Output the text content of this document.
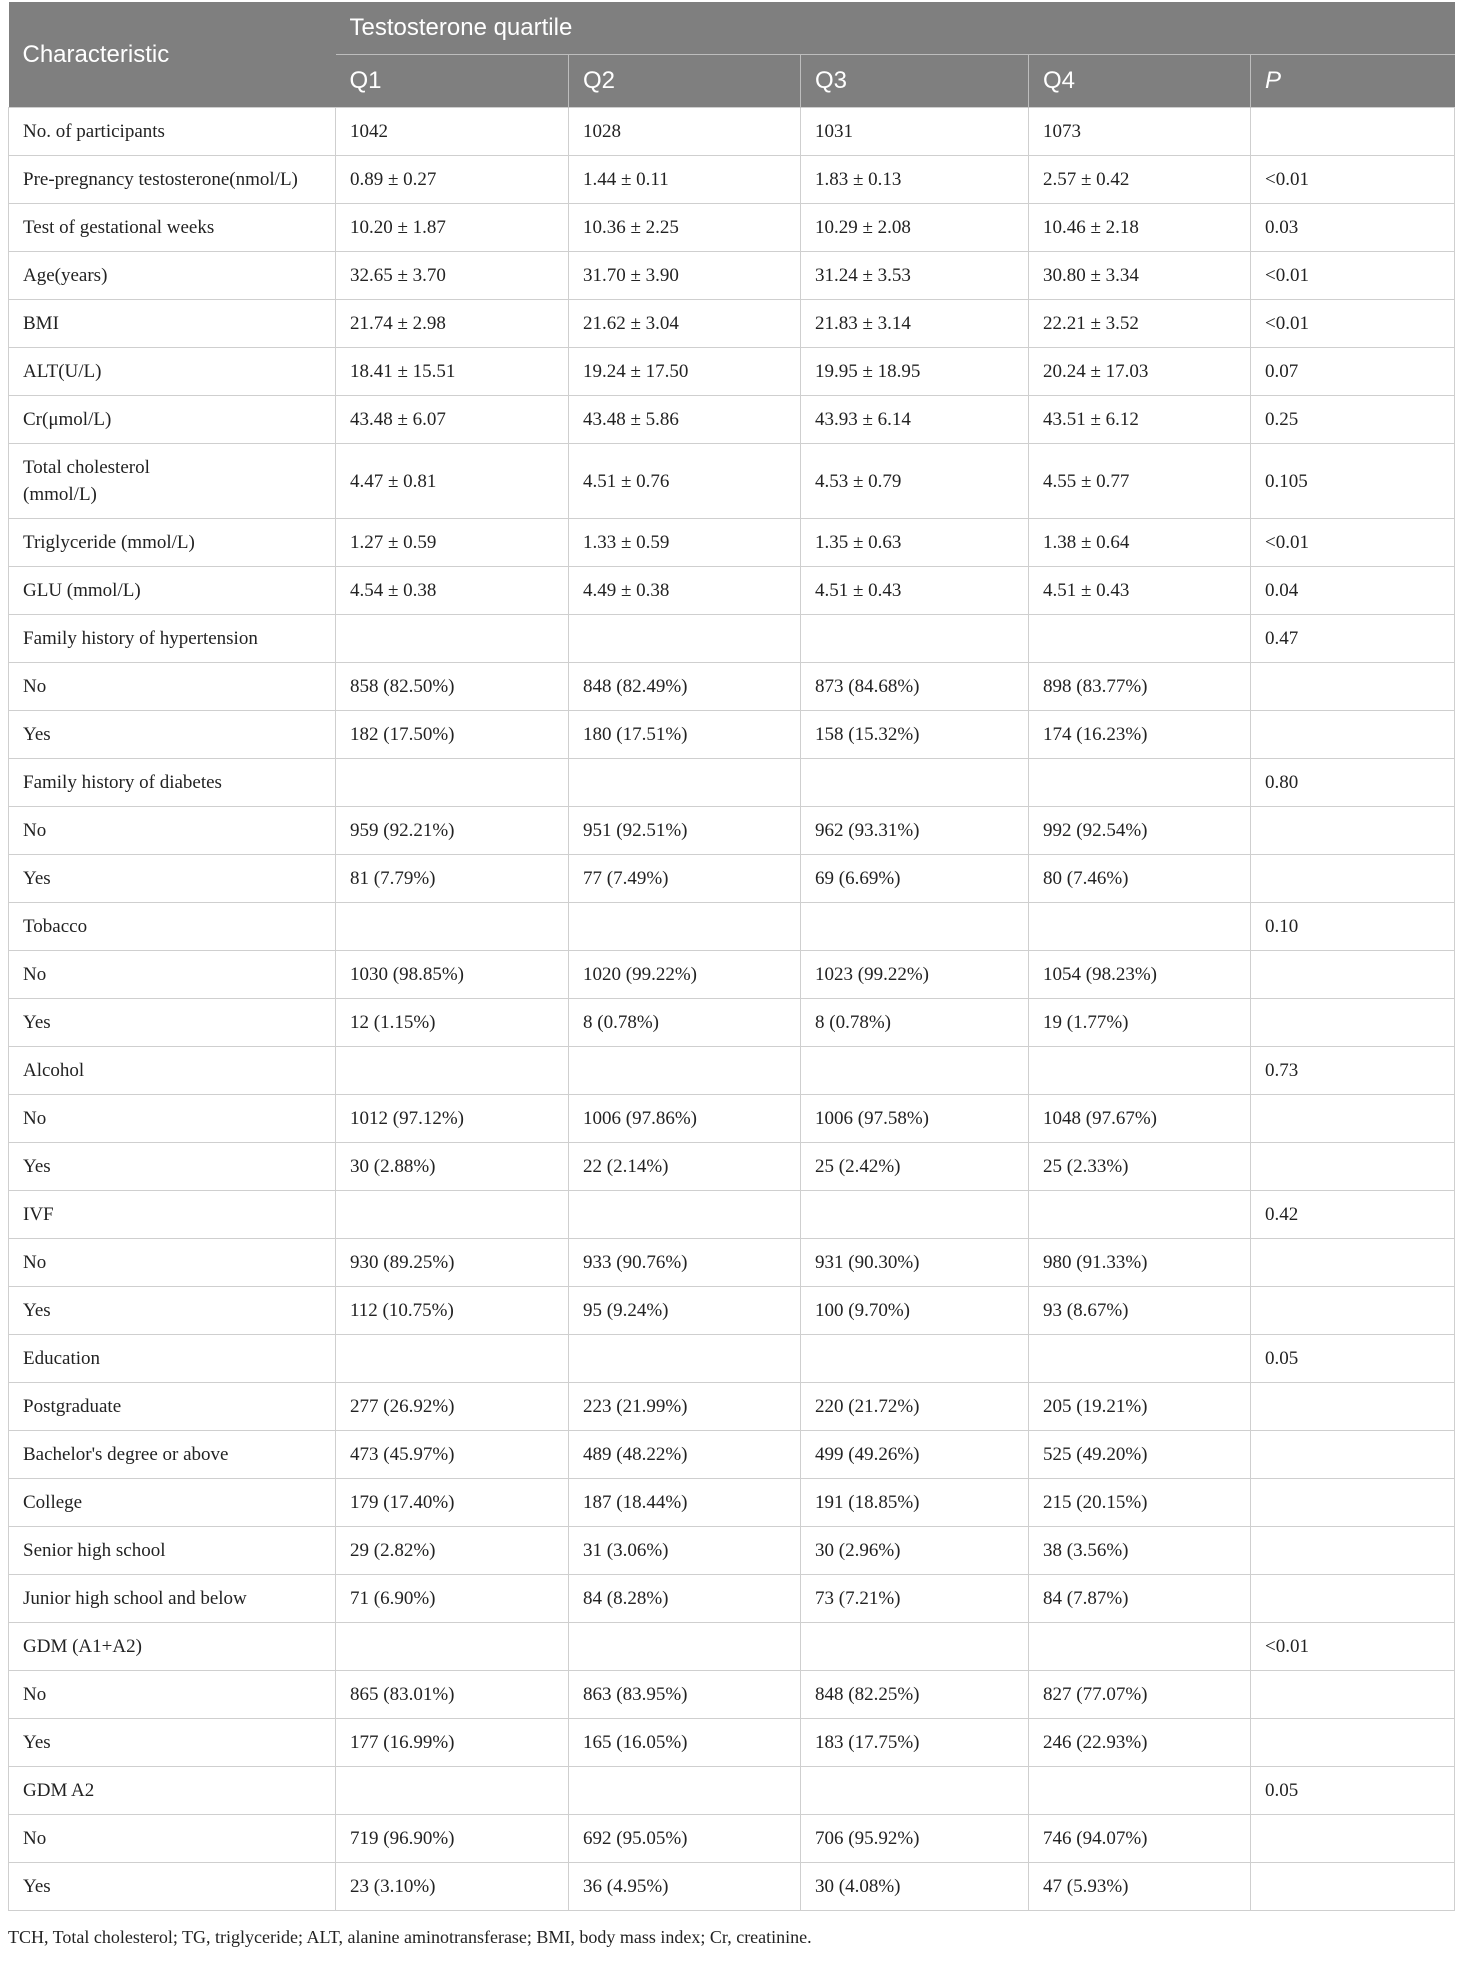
Characteristic	Testosterone quartile				
	Q1	Q2	Q3	Q4	P
No. of participants	1042	1028	1031	1073	
Pre-pregnancy testosterone(nmol/L)	0.89 ± 0.27	1.44 ± 0.11	1.83 ± 0.13	2.57 ± 0.42	<0.01
Test of gestational weeks	10.20 ± 1.87	10.36 ± 2.25	10.29 ± 2.08	10.46 ± 2.18	0.03
Age(years)	32.65 ± 3.70	31.70 ± 3.90	31.24 ± 3.53	30.80 ± 3.34	<0.01
BMI	21.74 ± 2.98	21.62 ± 3.04	21.83 ± 3.14	22.21 ± 3.52	<0.01
ALT(U/L)	18.41 ± 15.51	19.24 ± 17.50	19.95 ± 18.95	20.24 ± 17.03	0.07
Cr(μmol/L)	43.48 ± 6.07	43.48 ± 5.86	43.93 ± 6.14	43.51 ± 6.12	0.25
Total cholesterol
(mmol/L)	4.47 ± 0.81	4.51 ± 0.76	4.53 ± 0.79	4.55 ± 0.77	0.105
Triglyceride (mmol/L)	1.27 ± 0.59	1.33 ± 0.59	1.35 ± 0.63	1.38 ± 0.64	<0.01
GLU (mmol/L)	4.54 ± 0.38	4.49 ± 0.38	4.51 ± 0.43	4.51 ± 0.43	0.04
Family history of hypertension					0.47
No	858 (82.50%)	848 (82.49%)	873 (84.68%)	898 (83.77%)	
Yes	182 (17.50%)	180 (17.51%)	158 (15.32%)	174 (16.23%)	
Family history of diabetes					0.80
No	959 (92.21%)	951 (92.51%)	962 (93.31%)	992 (92.54%)	
Yes	81 (7.79%)	77 (7.49%)	69 (6.69%)	80 (7.46%)	
Tobacco					0.10
No	1030 (98.85%)	1020 (99.22%)	1023 (99.22%)	1054 (98.23%)	
Yes	12 (1.15%)	8 (0.78%)	8 (0.78%)	19 (1.77%)	
Alcohol					0.73
No	1012 (97.12%)	1006 (97.86%)	1006 (97.58%)	1048 (97.67%)	
Yes	30 (2.88%)	22 (2.14%)	25 (2.42%)	25 (2.33%)	
IVF					0.42
No	930 (89.25%)	933 (90.76%)	931 (90.30%)	980 (91.33%)	
Yes	112 (10.75%)	95 (9.24%)	100 (9.70%)	93 (8.67%)	
Education					0.05
Postgraduate	277 (26.92%)	223 (21.99%)	220 (21.72%)	205 (19.21%)	
Bachelor's degree or above	473 (45.97%)	489 (48.22%)	499 (49.26%)	525 (49.20%)	
College	179 (17.40%)	187 (18.44%)	191 (18.85%)	215 (20.15%)	
Senior high school	29 (2.82%)	31 (3.06%)	30 (2.96%)	38 (3.56%)	
Junior high school and below	71 (6.90%)	84 (8.28%)	73 (7.21%)	84 (7.87%)	
GDM (A1+A2)					<0.01
No	865 (83.01%)	863 (83.95%)	848 (82.25%)	827 (77.07%)	
Yes	177 (16.99%)	165 (16.05%)	183 (17.75%)	246 (22.93%)	
GDM A2					0.05
No	719 (96.90%)	692 (95.05%)	706 (95.92%)	746 (94.07%)	
Yes	23 (3.10%)	36 (4.95%)	30 (4.08%)	47 (5.93%)	
TCH, Total cholesterol; TG, triglyceride; ALT, alanine aminotransferase; BMI, body mass index; Cr, creatinine.
